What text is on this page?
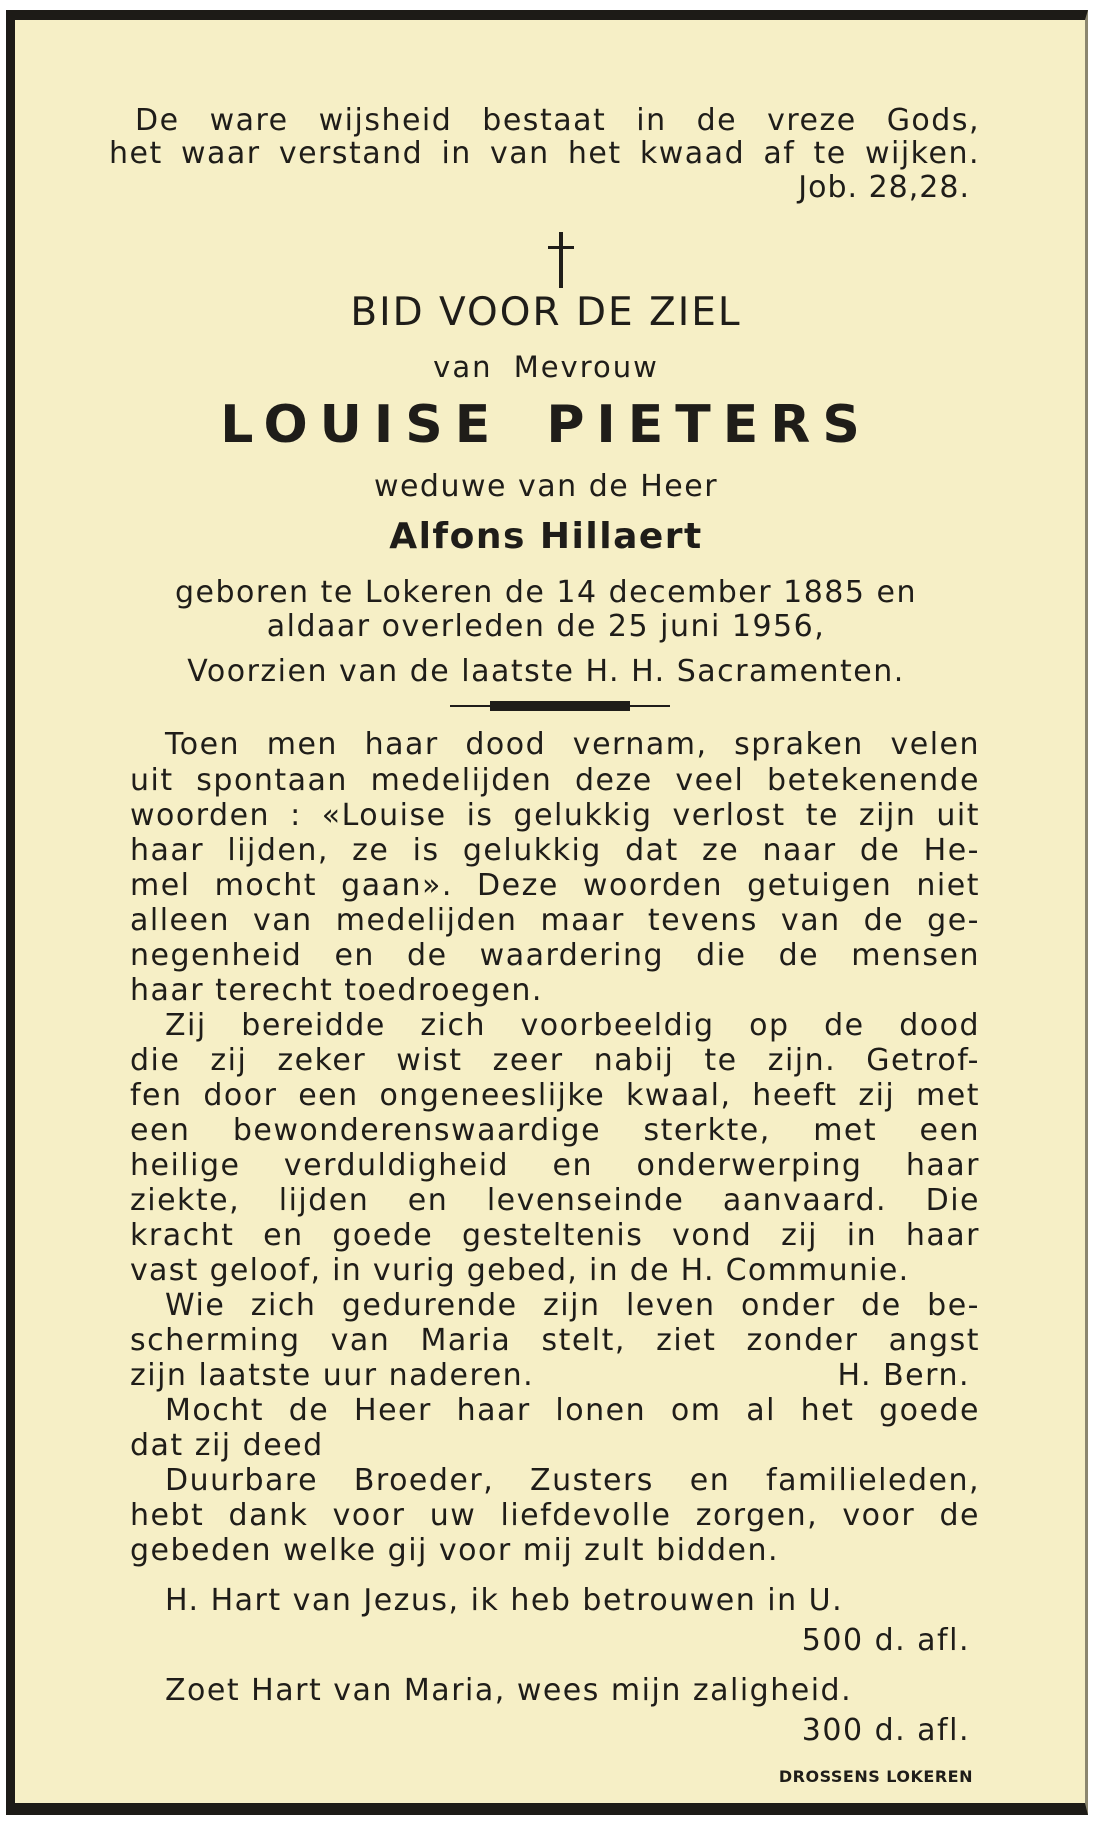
De ware wijsheid bestaat in de vreze Gods,
het waar verstand in van het kwaad af te wijken.
Job. 28,28.
BID VOOR DE ZIEL
van Mevrouw
LOUISE PIETERS
weduwe van de Heer
Alfons Hillaert
geboren te Lokeren de 14 december 1885 en
aldaar overleden de 25 juni 1956,
Voorzien van de laatste H. H. Sacramenten.
Toen men haar dood vernam, spraken velen
uit spontaan medelijden deze veel betekenende
woorden : «Louise is gelukkig verlost te zijn uit
haar lijden, ze is gelukkig dat ze naar de He-
mel mocht gaan». Deze woorden getuigen niet
alleen van medelijden maar tevens van de ge-
negenheid en de waardering die de mensen
haar terecht toedroegen.
Zij bereidde zich voorbeeldig op de dood
die zij zeker wist zeer nabij te zijn. Getrof-
fen door een ongeneeslijke kwaal, heeft zij met
een bewonderenswaardige sterkte, met een
heilige verduldigheid en onderwerping haar
ziekte, lijden en levenseinde aanvaard. Die
kracht en goede gesteltenis vond zij in haar
vast geloof, in vurig gebed, in de H. Communie.
Wie zich gedurende zijn leven onder de be-
scherming van Maria stelt, ziet zonder angst
zijn laatste uur naderen.	H. Bern.
Mocht de Heer haar lonen om al het goede
dat zij deed
Duurbare Broeder, Zusters en familieleden,
hebt dank voor uw liefdevolle zorgen, voor de
gebeden welke gij voor mij zult bidden.
H. Hart van Jezus, ik heb betrouwen in U.
500 d. afl.
Zoet Hart van Maria, wees mijn zaligheid.
300 d. afl.
DROSSENS LOKEREN
